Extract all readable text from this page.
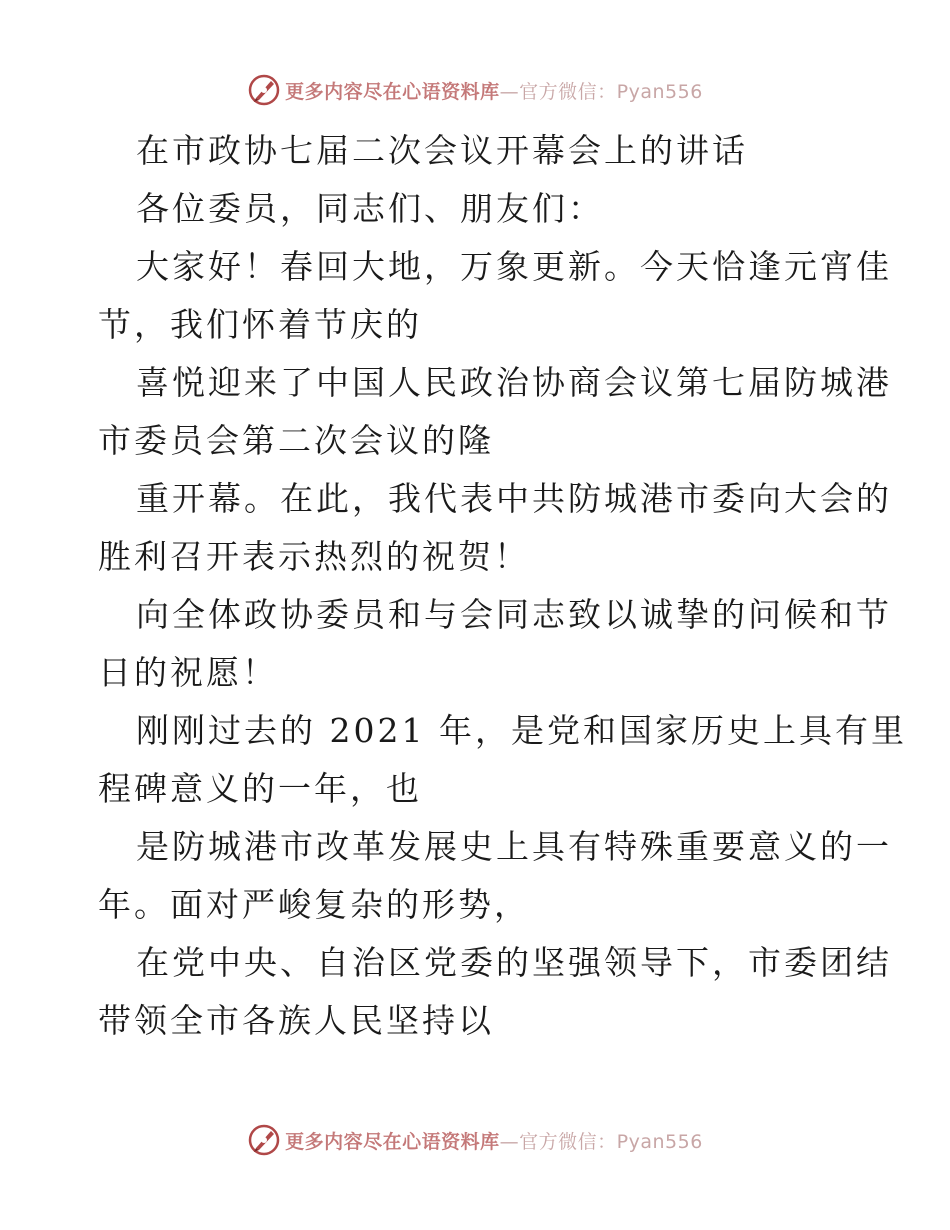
更多内容尽在心语资料库—官方微信：Pyan556
在市政协七届二次会议开幕会上的讲话
各位委员，同志们、朋友们：
大家好！春回大地，万象更新。今天恰逢元宵佳
节，我们怀着节庆的
喜悦迎来了中国人民政治协商会议第七届防城港
市委员会第二次会议的隆
重开幕。在此，我代表中共防城港市委向大会的
胜利召开表示热烈的祝贺！
向全体政协委员和与会同志致以诚挚的问候和节
日的祝愿！
刚刚过去的 2021 年，是党和国家历史上具有里
程碑意义的一年，也
是防城港市改革发展史上具有特殊重要意义的一
年。面对严峻复杂的形势，
在党中央、自治区党委的坚强领导下，市委团结
带领全市各族人民坚持以
更多内容尽在心语资料库—官方微信：Pyan556
